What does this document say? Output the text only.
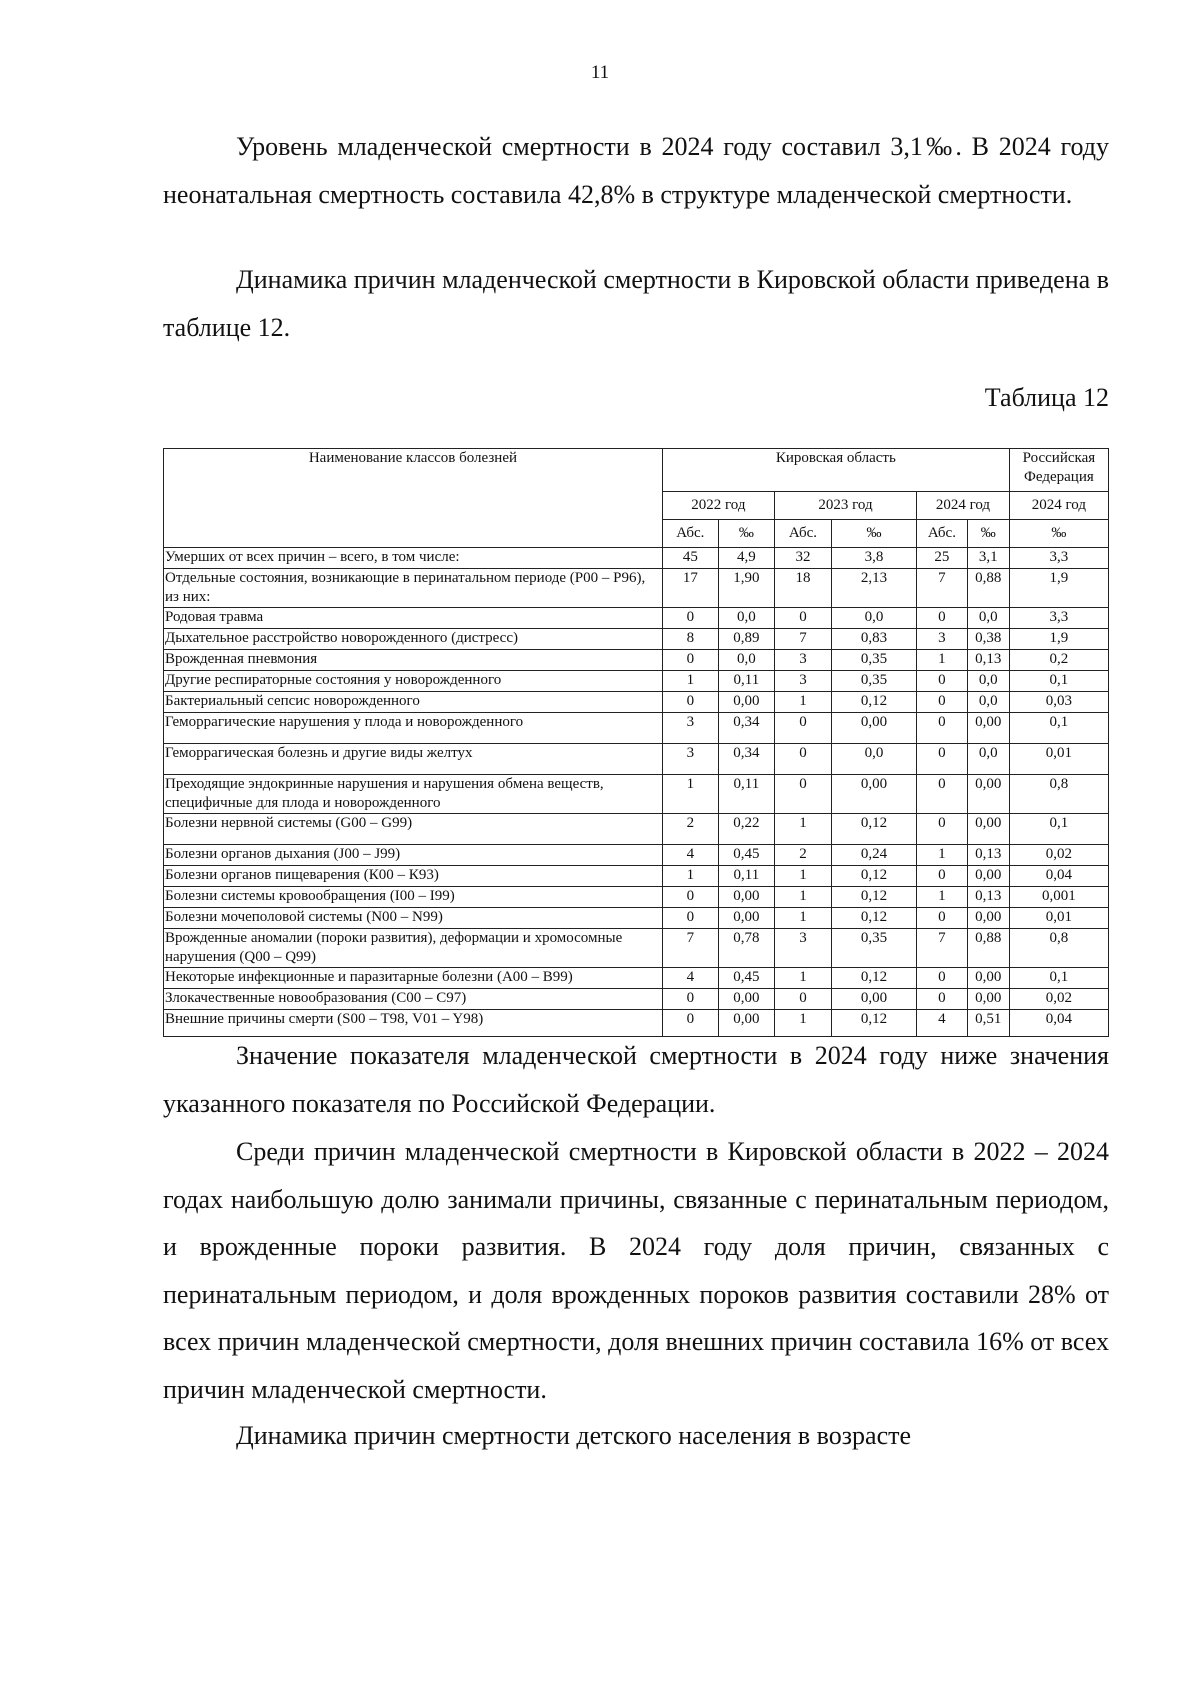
11

Уровень младенческой смертности в 2024 году составил 3,1‰. В 2024 году неонатальная смертность составила 42,8% в структуре младенческой смертности.

Динамика причин младенческой смертности в Кировской области приведена в таблице 12.

Таблица 12
Наименование классов болезней	Кировская область						Российская Федерация
	2022 год		2023 год		2024 год		2024 год
	Абс.	‰	Абс.	‰	Абс.	‰	‰
Умерших от всех причин – всего, в том числе:	45	4,9	32	3,8	25	3,1	3,3
Отдельные состояния, возникающие в перинатальном периоде (Р00 – Р96), из них:	17	1,90	18	2,13	7	0,88	1,9
Родовая травма	0	0,0	0	0,0	0	0,0	3,3
Дыхательное расстройство новорожденного (дистресс)	8	0,89	7	0,83	3	0,38	1,9
Врожденная пневмония	0	0,0	3	0,35	1	0,13	0,2
Другие респираторные состояния у новорожденного	1	0,11	3	0,35	0	0,0	0,1
Бактериальный сепсис новорожденного	0	0,00	1	0,12	0	0,0	0,03
Геморрагические нарушения у плода и новорожденного	3	0,34	0	0,00	0	0,00	0,1
Геморрагическая болезнь и другие виды желтух	3	0,34	0	0,0	0	0,0	0,01
Преходящие эндокринные нарушения и нарушения обмена веществ, специфичные для плода и новорожденного	1	0,11	0	0,00	0	0,00	0,8
Болезни нервной системы (G00 – G99)	2	0,22	1	0,12	0	0,00	0,1
Болезни органов дыхания (J00 – J99)	4	0,45	2	0,24	1	0,13	0,02
Болезни органов пищеварения (К00 – К93)	1	0,11	1	0,12	0	0,00	0,04
Болезни системы кровообращения (I00 – I99)	0	0,00	1	0,12	1	0,13	0,001
Болезни мочеполовой системы (N00 – N99)	0	0,00	1	0,12	0	0,00	0,01
Врожденные аномалии (пороки развития), деформации и хромосомные нарушения (Q00 – Q99)	7	0,78	3	0,35	7	0,88	0,8
Некоторые инфекционные и паразитарные болезни (А00 – В99)	4	0,45	1	0,12	0	0,00	0,1
Злокачественные новообразования (С00 – С97)	0	0,00	0	0,00	0	0,00	0,02
Внешние причины смерти (S00 – Т98, V01 – Y98)	0	0,00	1	0,12	4	0,51	0,04

Значение показателя младенческой смертности в 2024 году ниже значения указанного показателя по Российской Федерации.

Среди причин младенческой смертности в Кировской области в 2022 – 2024 годах наибольшую долю занимали причины, связанные с перинатальным периодом, и врожденные пороки развития. В 2024 году доля причин, связанных с перинатальным периодом, и доля врожденных пороков развития составили 28% от всех причин младенческой смертности, доля внешних причин составила 16% от всех причин младенческой смертности.

Динамика причин смертности детского населения в возрасте
